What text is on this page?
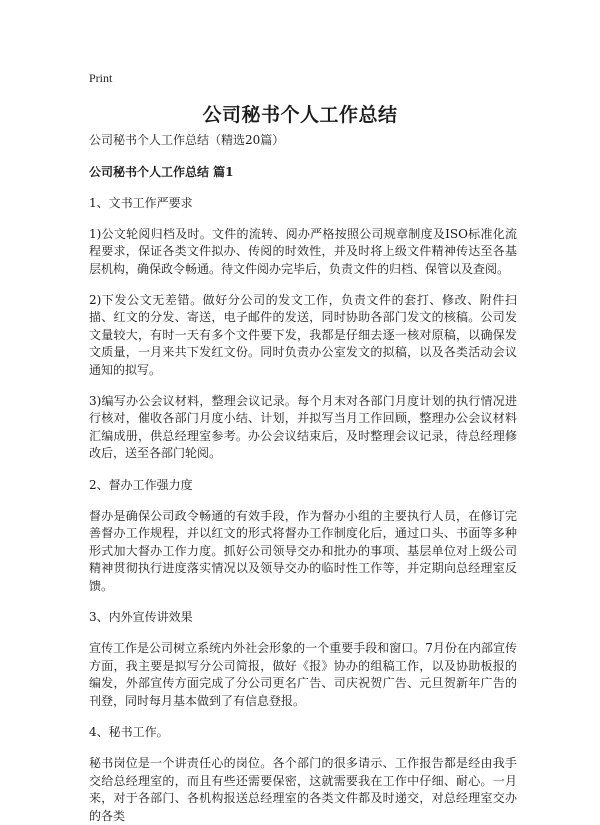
Print
公司秘书个人工作总结

公司秘书个人工作总结（精选20篇）

公司秘书个人工作总结 篇1

1、文书工作严要求

1)公文轮阅归档及时。文件的流转、阅办严格按照公司规章制度及ISO标准化流程要求，保证各类文件拟办、传阅的时效性，并及时将上级文件精神传达至各基层机构，确保政令畅通。待文件阅办完毕后，负责文件的归档、保管以及查阅。

2)下发公文无差错。做好分公司的发文工作，负责文件的套打、修改、附件扫描、红文的分发、寄送，电子邮件的发送，同时协助各部门发文的核稿。公司发文量较大，有时一天有多个文件要下发，我都是仔细去逐一核对原稿，以确保发文质量，一月来共下发红文份。同时负责办公室发文的拟稿，以及各类活动会议通知的拟写。

3)编写办公会议材料，整理会议记录。每个月末对各部门月度计划的执行情况进行核对，催收各部门月度小结、计划，并拟写当月工作回顾，整理办公会议材料汇编成册，供总经理室参考。办公会议结束后，及时整理会议记录，待总经理修改后，送至各部门轮阅。

2、督办工作强力度

督办是确保公司政令畅通的有效手段，作为督办小组的主要执行人员，在修订完善督办工作规程，并以红文的形式将督办工作制度化后，通过口头、书面等多种形式加大督办工作力度。抓好公司领导交办和批办的事项、基层单位对上级公司精神贯彻执行进度落实情况以及领导交办的临时性工作等，并定期向总经理室反馈。

3、内外宣传讲效果

宣传工作是公司树立系统内外社会形象的一个重要手段和窗口。7月份在内部宣传方面，我主要是拟写分公司简报，做好《报》协办的组稿工作，以及协助板报的编发，外部宣传方面完成了分公司更名广告、司庆祝贺广告、元旦贺新年广告的刊登，同时每月基本做到了有信息登报。

4、秘书工作。

秘书岗位是一个讲责任心的岗位。各个部门的很多请示、工作报告都是经由我手交给总经理室的，而且有些还需要保密，这就需要我在工作中仔细、耐心。一月来，对于各部门、各机构报送总经理室的各类文件都及时递交，对总经理室交办的各类
